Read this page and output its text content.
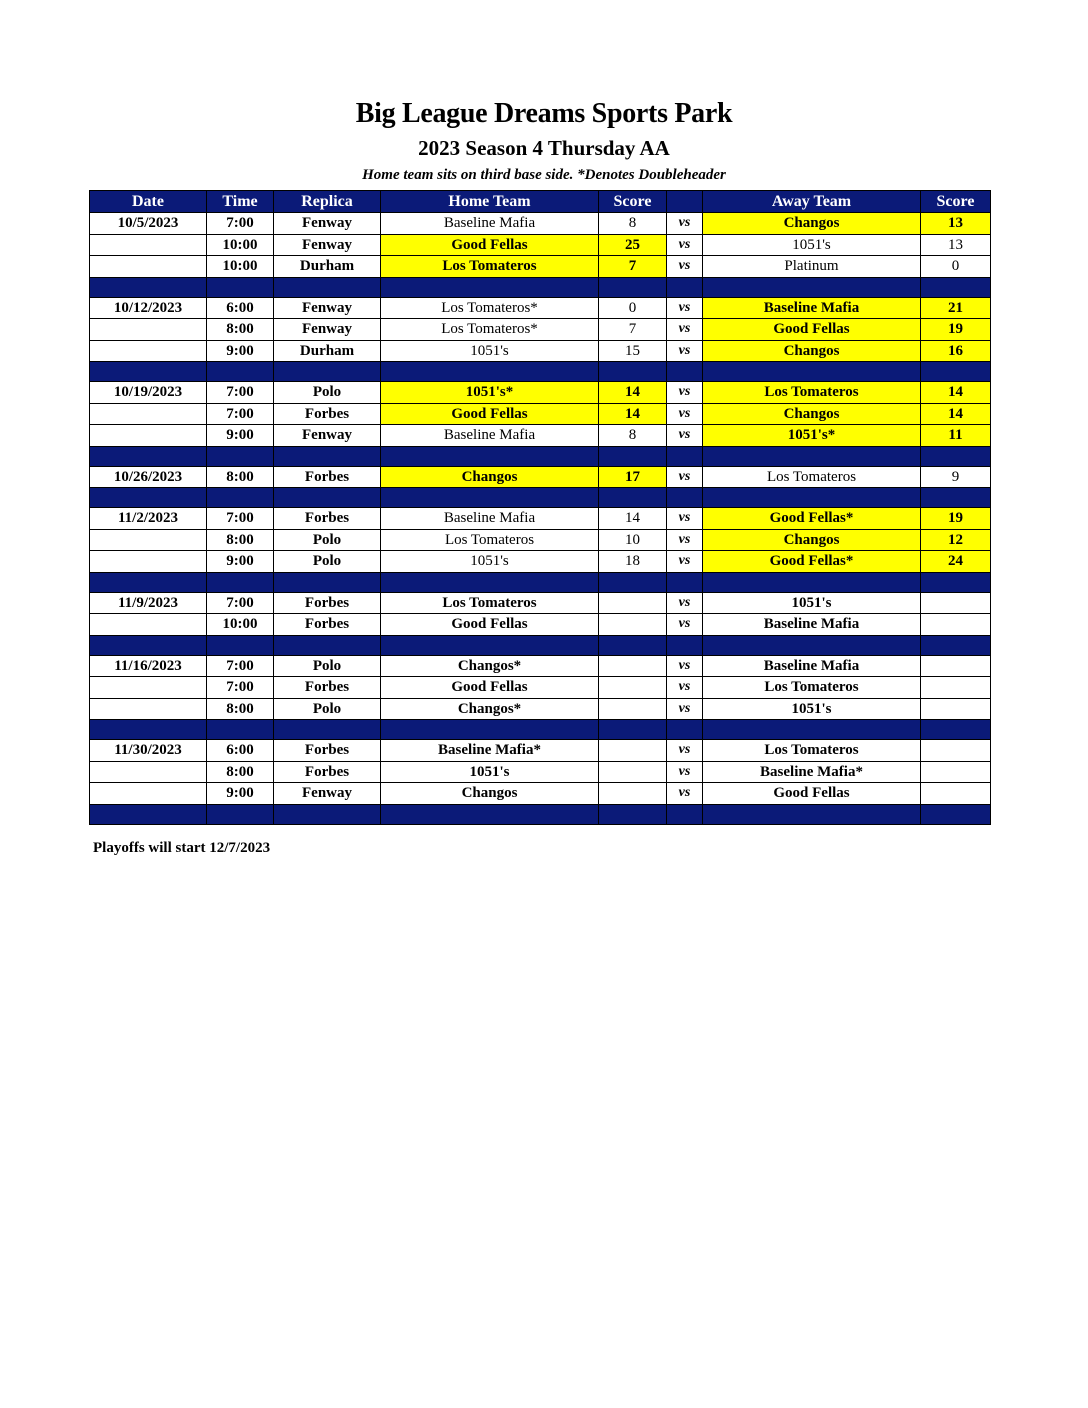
Big League Dreams Sports Park
2023 Season 4 Thursday AA
Home team sits on third base side. *Denotes Doubleheader
Date	Time	Replica	Home Team	Score		Away Team	Score
10/5/2023	7:00	Fenway	Baseline Mafia	8	vs	Changos	13
	10:00	Fenway	Good Fellas	25	vs	1051's	13
	10:00	Durham	Los Tomateros	7	vs	Platinum	0

10/12/2023	6:00	Fenway	Los Tomateros*	0	vs	Baseline Mafia	21
	8:00	Fenway	Los Tomateros*	7	vs	Good Fellas	19
	9:00	Durham	1051's	15	vs	Changos	16

10/19/2023	7:00	Polo	1051's*	14	vs	Los Tomateros	14
	7:00	Forbes	Good Fellas	14	vs	Changos	14
	9:00	Fenway	Baseline Mafia	8	vs	1051's*	11

10/26/2023	8:00	Forbes	Changos	17	vs	Los Tomateros	9

11/2/2023	7:00	Forbes	Baseline Mafia	14	vs	Good Fellas*	19
	8:00	Polo	Los Tomateros	10	vs	Changos	12
	9:00	Polo	1051's	18	vs	Good Fellas*	24

11/9/2023	7:00	Forbes	Los Tomateros		vs	1051's	
	10:00	Forbes	Good Fellas		vs	Baseline Mafia	

11/16/2023	7:00	Polo	Changos*		vs	Baseline Mafia	
	7:00	Forbes	Good Fellas		vs	Los Tomateros	
	8:00	Polo	Changos*		vs	1051's	

11/30/2023	6:00	Forbes	Baseline Mafia*		vs	Los Tomateros	
	8:00	Forbes	1051's		vs	Baseline Mafia*	
	9:00	Fenway	Changos		vs	Good Fellas	

Playoffs will start 12/7/2023
